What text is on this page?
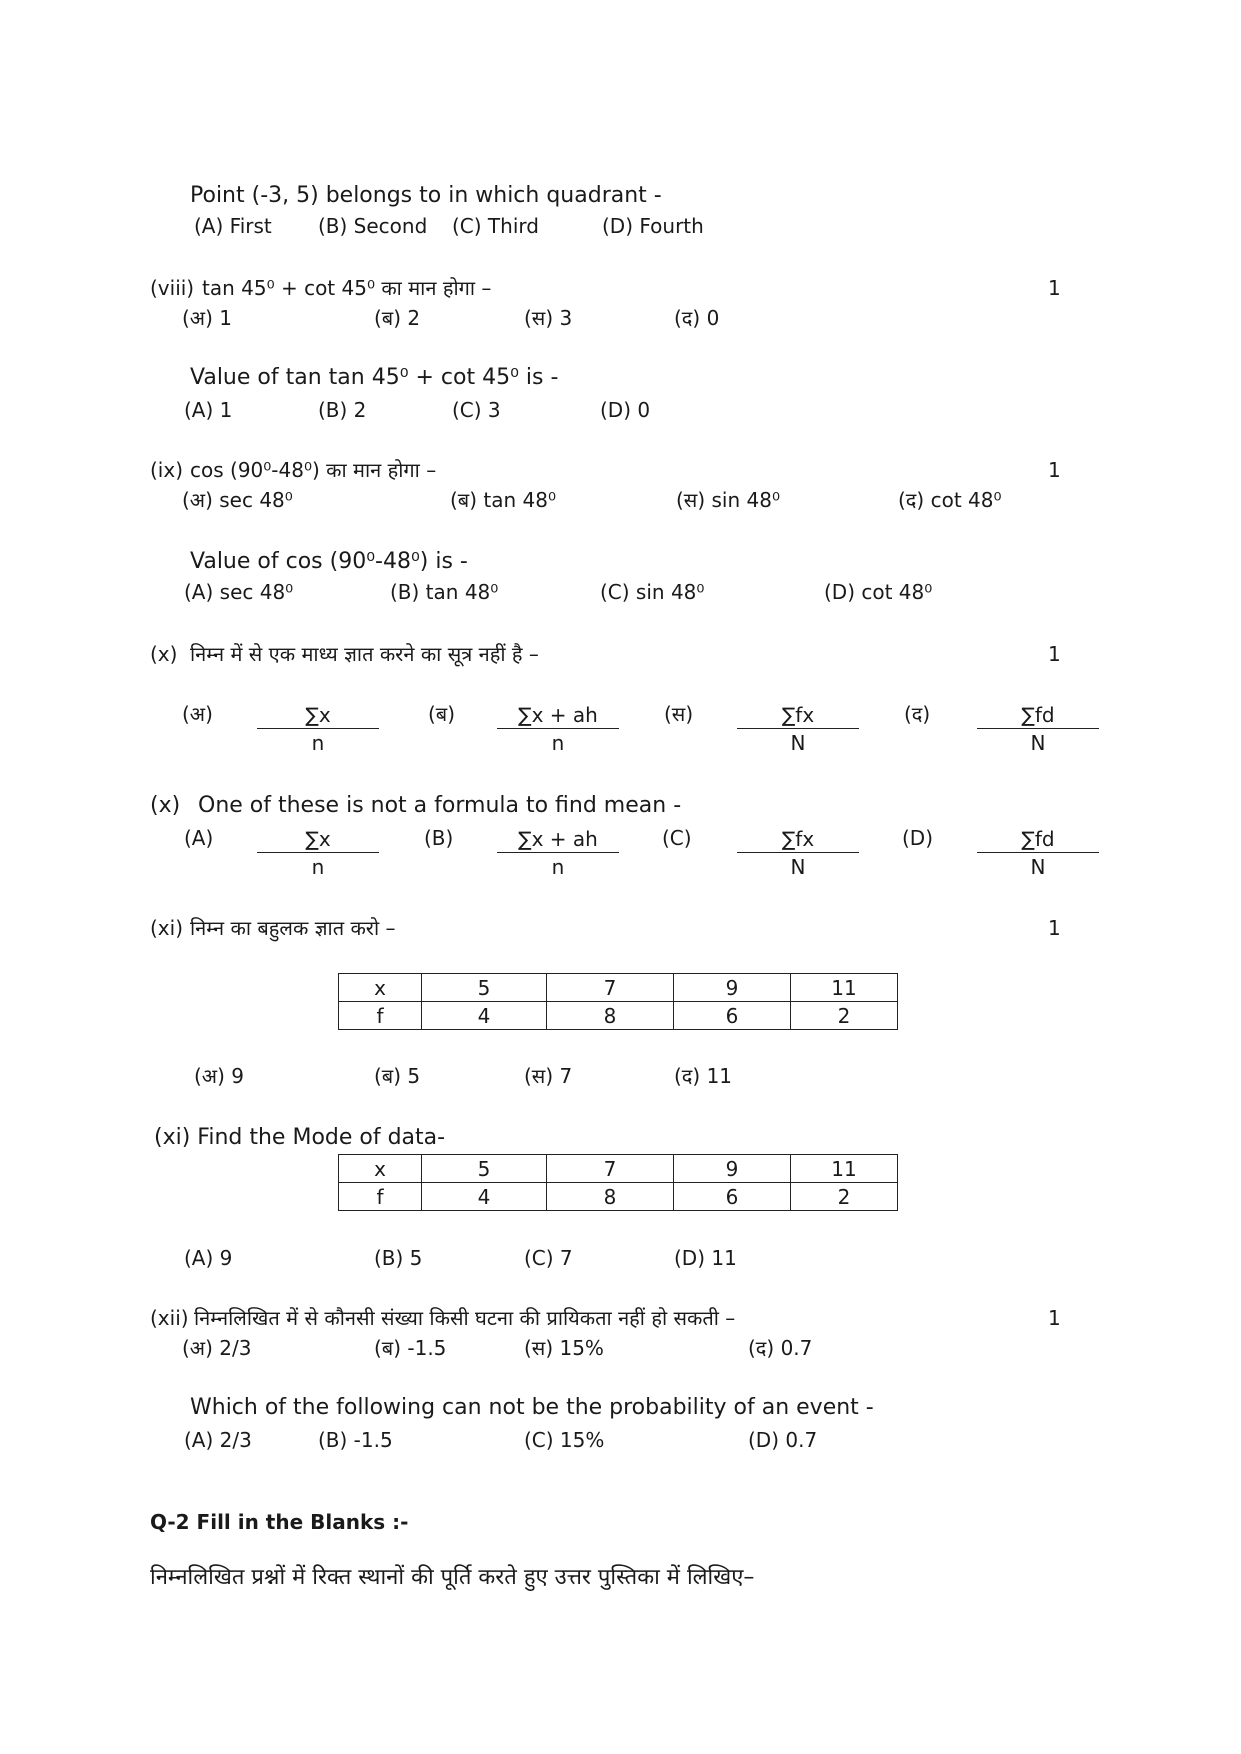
Point (-3, 5) belongs to in which quadrant -
(A) First (B) Second (C) Third	(D) Fourth
(viii) tan 45⁰ + cot 45⁰ का मान होगा –	1
(अ) 1	(ब) 2	(स) 3	(द) 0
Value of tan tan 45⁰ + cot 45⁰ is -
(A) 1	(B) 2	(C) 3	(D) 0
(ix) cos (90⁰-48⁰) का मान होगा –	1
(अ) sec 48⁰	(ब) tan 48⁰	(स) sin 48⁰	(द) cot 48⁰
Value of cos (90⁰-48⁰) is -
(A) sec 48⁰	(B) tan 48⁰	(C) sin 48⁰	(D) cot 48⁰
(x) निम्न में से एक माध्य ज्ञात करने का सूत्र नहीं है –	1
(अ)	(ब)	(स)	(द)
$\frac{\sum x}{n}$	$\frac{\sum x + ah}{n}$	$\frac{\sum fx}{N}$	$\frac{\sum fd}{N}$
(x) One of these is not a formula to find mean -
(A)	(B)	(C)	(D)
$\frac{\sum x}{n}$	$\frac{\sum x + ah}{n}$	$\frac{\sum fx}{N}$	$\frac{\sum fd}{N}$
(xi) निम्न का बहुलक ज्ञात करो –	1
x	5	7	9	11
f	4	8	6	2
(अ) 9	(ब) 5	(स) 7	(द) 11
(xi) Find the Mode of data-
x	5	7	9	11
f	4	8	6	2
(A) 9	(B) 5	(C) 7	(D) 11
(xii) निम्नलिखित में से कौनसी संख्या किसी घटना की प्रायिकता नहीं हो सकती –	1
(अ) 2/3	(ब) -1.5	(स) 15%	(द) 0.7
Which of the following can not be the probability of an event -
(A) 2/3	(B) -1.5	(C) 15%	(D) 0.7
Q-2 Fill in the Blanks :-
निम्नलिखित प्रश्नों में रिक्त स्थानों की पूर्ति करते हुए उत्तर पुस्तिका में लिखिए–
